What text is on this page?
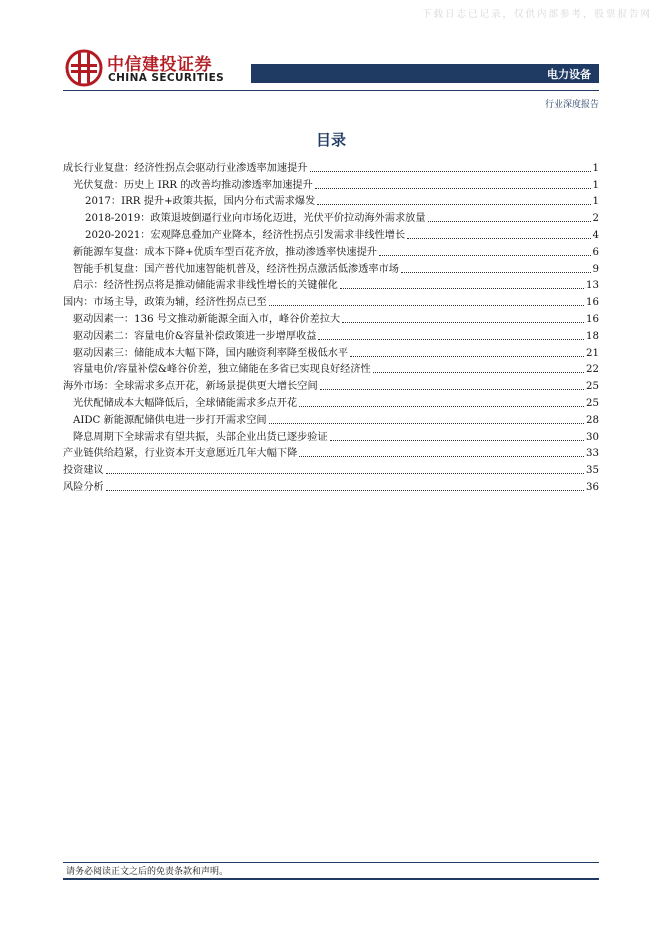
下载日志已记录，仅供内部参考，股票报告网
中信建投证券
CHINA SECURITIES	电力设备
行业深度报告
目录
成长行业复盘：经济性拐点会驱动行业渗透率加速提升	1
光伏复盘：历史上 IRR 的改善均推动渗透率加速提升	1
2017：IRR 提升+政策共振，国内分布式需求爆发	1
2018-2019：政策退坡倒逼行业向市场化迈进，光伏平价拉动海外需求放量	2
2020-2021：宏观降息叠加产业降本，经济性拐点引发需求非线性增长	4
新能源车复盘：成本下降+优质车型百花齐放，推动渗透率快速提升	6
智能手机复盘：国产普代加速智能机普及，经济性拐点激活低渗透率市场	9
启示：经济性拐点将是推动储能需求非线性增长的关键催化	13
国内：市场主导，政策为辅，经济性拐点已至	16
驱动因素一：136 号文推动新能源全面入市，峰谷价差拉大	16
驱动因素二：容量电价&容量补偿政策进一步增厚收益	18
驱动因素三：储能成本大幅下降，国内融资利率降至极低水平	21
容量电价/容量补偿&峰谷价差，独立储能在多省已实现良好经济性	22
海外市场：全球需求多点开花，新场景提供更大增长空间	25
光伏配储成本大幅降低后，全球储能需求多点开花	25
AIDC 新能源配储供电进一步打开需求空间	28
降息周期下全球需求有望共振，头部企业出货已逐步验证	30
产业链供给趋紧，行业资本开支意愿近几年大幅下降	33
投资建议	35
风险分析	36
请务必阅读正文之后的免责条款和声明。
